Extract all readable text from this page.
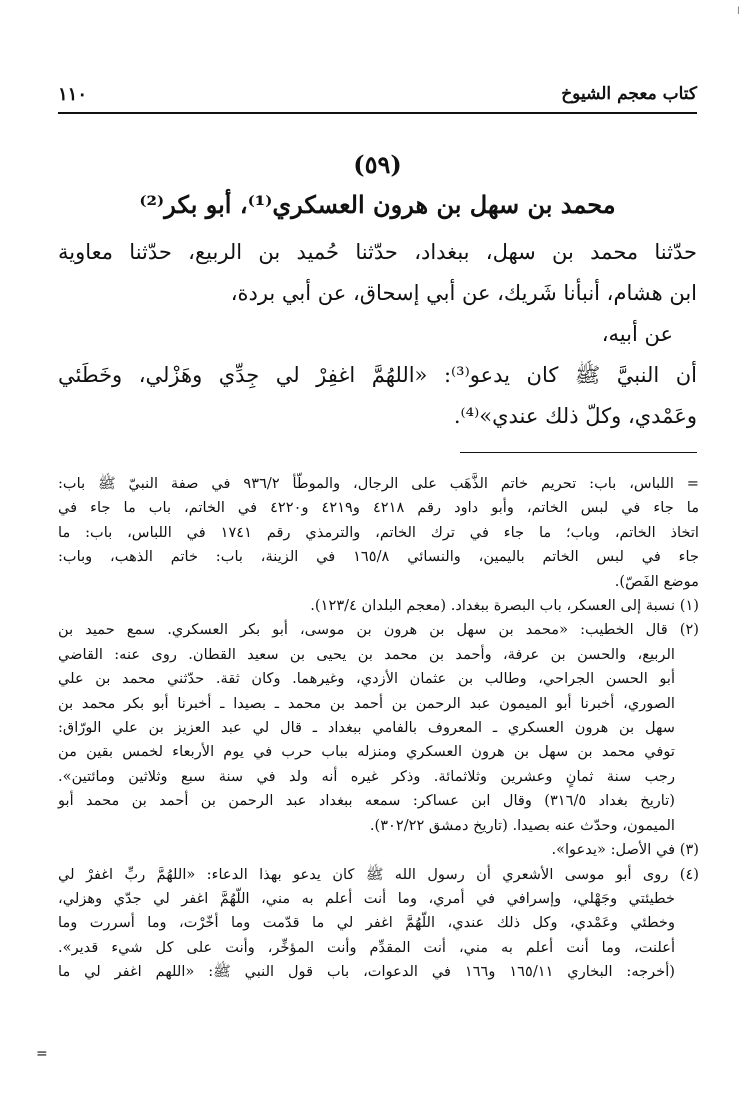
ا
كتاب معجم الشيوخ
١١٠
(٥٩)
محمد بن سهل بن هرون العسكري⁽¹⁾، أبو بكر⁽²⁾

حدّثنا محمد بن سهل، ببغداد، حدّثنا حُميد بن الربيع، حدّثنا معاوية

ابن هشام، أنبأنا شَريك، عن أبي إسحاق، عن أبي بردة،

عن أبيه،

أن النبيَّ ﷺ كان يدعو⁽³⁾: «اللهُمَّ اغفِرْ لي جِدِّي وهَزْلي، وخَطَئي

وعَمْدي، وكلّ ذلك عندي»⁽⁴⁾.

= اللباس، باب: تحريم خاتم الذَّهَب على الرجال، والموطّأ ٩٣٦/٢ في صفة النبيّ ﷺ باب:

ما جاء في لبس الخاتم، وأبو داود رقم ٤٢١٨ و٤٢١٩ و٤٢٢٠ في الخاتم، باب ما جاء في

اتخاذ الخاتم، وباب؛ ما جاء في ترك الخاتم، والترمذي رقم ١٧٤١ في اللباس، باب: ما

جاء في لبس الخاتم باليمين، والنسائي ١٦٥/٨ في الزينة، باب: خاتم الذهب، وباب:

موضع الفَصّ).

(١) نسبة إلى العسكر، باب البصرة ببغداد. (معجم البلدان ١٢٣/٤).

(٢) قال الخطيب: «محمد بن سهل بن هرون بن موسى، أبو بكر العسكري. سمع حميد بن

الربيع، والحسن بن عرفة، وأحمد بن محمد بن يحيى بن سعيد القطان. روى عنه: القاضي

أبو الحسن الجراحي، وطالب بن عثمان الأزدي، وغيرهما. وكان ثقة. حدّثني محمد بن علي

الصوري، أخبرنا أبو الميمون عبد الرحمن بن أحمد بن محمد ـ بصيدا ـ أخبرنا أبو بكر محمد بن

سهل بن هرون العسكري ـ المعروف بالفامي ببغداد ـ قال لي عبد العزيز بن علي الورّاق:

توفي محمد بن سهل بن هرون العسكري ومنزله بباب حرب في يوم الأربعاء لخمس بقين من

رجب سنة ثمانٍ وعشرين وثلاثمائة. وذكر غيره أنه ولد في سنة سبع وثلاثين ومائتين».

(تاريخ بغداد ٣١٦/٥) وقال ابن عساكر: سمعه ببغداد عبد الرحمن بن أحمد بن محمد أبو

الميمون، وحدّث عنه بصيدا. (تاريخ دمشق ٣٠٢/٢٢).

(٣) في الأصل: «يدعوا».

(٤) روى أبو موسى الأشعري أن رسول الله ﷺ كان يدعو بهذا الدعاء: «اللهُمَّ ربِّ اغفرْ لي

خطيئتي وجَهْلي، وإسرافي في أمري، وما أنت أعلم به مني، اللّهُمَّ اغفر لي جدّي وهزلي،

وخطئي وعَمْدي، وكل ذلك عندي، اللّهُمَّ اغفر لي ما قدّمت وما أخّرْت، وما أسررت وما

أعلنت، وما أنت أعلم به مني، أنت المقدِّم وأنت المؤخِّر، وأنت على كل شيء قدير».

(أخرجه: البخاري ١٦٥/١١ و١٦٦ في الدعوات، باب قول النبي ﷺ: «اللهم اغفر لي ما

=
